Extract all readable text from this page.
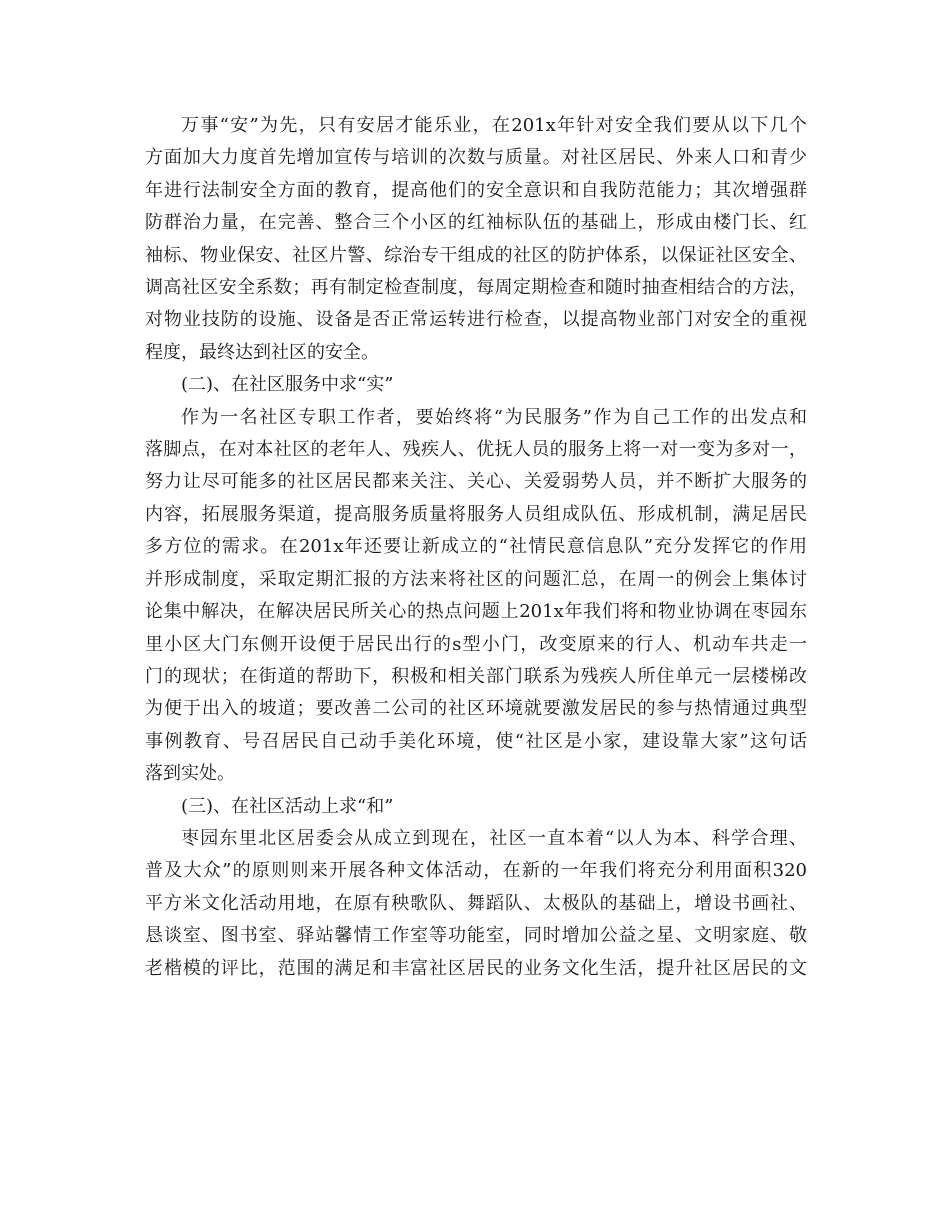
万事“安”为先，只有安居才能乐业，在201x年针对安全我们要从以下几个
方面加大力度首先增加宣传与培训的次数与质量。对社区居民、外来人口和青少
年进行法制安全方面的教育，提高他们的安全意识和自我防范能力；其次增强群
防群治力量，在完善、整合三个小区的红袖标队伍的基础上，形成由楼门长、红
袖标、物业保安、社区片警、综治专干组成的社区的防护体系，以保证社区安全、
调高社区安全系数；再有制定检查制度，每周定期检查和随时抽查相结合的方法，
对物业技防的设施、设备是否正常运转进行检查，以提高物业部门对安全的重视
程度，最终达到社区的安全。
(二)、在社区服务中求“实”
作为一名社区专职工作者，要始终将“为民服务”作为自己工作的出发点和
落脚点，在对本社区的老年人、残疾人、优抚人员的服务上将一对一变为多对一，
努力让尽可能多的社区居民都来关注、关心、关爱弱势人员，并不断扩大服务的
内容，拓展服务渠道，提高服务质量将服务人员组成队伍、形成机制，满足居民
多方位的需求。在201x年还要让新成立的“社情民意信息队”充分发挥它的作用
并形成制度，采取定期汇报的方法来将社区的问题汇总，在周一的例会上集体讨
论集中解决，在解决居民所关心的热点问题上201x年我们将和物业协调在枣园东
里小区大门东侧开设便于居民出行的s型小门，改变原来的行人、机动车共走一
门的现状；在街道的帮助下，积极和相关部门联系为残疾人所住单元一层楼梯改
为便于出入的坡道；要改善二公司的社区环境就要激发居民的参与热情通过典型
事例教育、号召居民自己动手美化环境，使“社区是小家，建设靠大家”这句话
落到实处。
(三)、在社区活动上求“和”
枣园东里北区居委会从成立到现在，社区一直本着“以人为本、科学合理、
普及大众”的原则则来开展各种文体活动，在新的一年我们将充分利用面积320
平方米文化活动用地，在原有秧歌队、舞蹈队、太极队的基础上，增设书画社、
恳谈室、图书室、驿站馨情工作室等功能室，同时增加公益之星、文明家庭、敬
老楷模的评比，范围的满足和丰富社区居民的业务文化生活，提升社区居民的文
